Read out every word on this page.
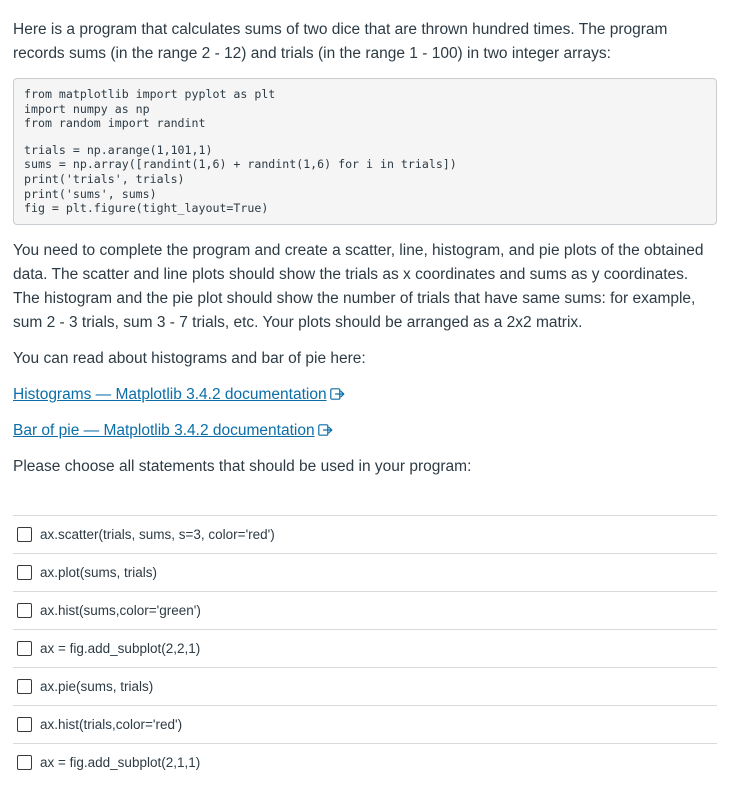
Here is a program that calculates sums of two dice that are thrown hundred times. The program records sums (in the range 2 - 12) and trials (in the range 1 - 100) in two integer arrays:

from matplotlib import pyplot as plt
import numpy as np
from random import randint
trials = np.arange(1,101,1)
sums = np.array([randint(1,6) + randint(1,6) for i in trials])
print('trials', trials)
print('sums', sums)
fig = plt.figure(tight_layout=True)

You need to complete the program and create a scatter, line, histogram, and pie plots of the obtained data. The scatter and line plots should show the trials as x coordinates and sums as y coordinates. The histogram and the pie plot should show the number of trials that have same sums: for example, sum 2 - 3 trials, sum 3 - 7 trials, etc. Your plots should be arranged as a 2x2 matrix.

You can read about histograms and bar of pie here:

Histograms — Matplotlib 3.4.2 documentation
Bar of pie — Matplotlib 3.4.2 documentation

Please choose all statements that should be used in your program:

ax.scatter(trials, sums, s=3, color='red')
ax.plot(sums, trials)
ax.hist(sums,color='green')
ax = fig.add_subplot(2,2,1)
ax.pie(sums, trials)
ax.hist(trials,color='red')
ax = fig.add_subplot(2,1,1)
